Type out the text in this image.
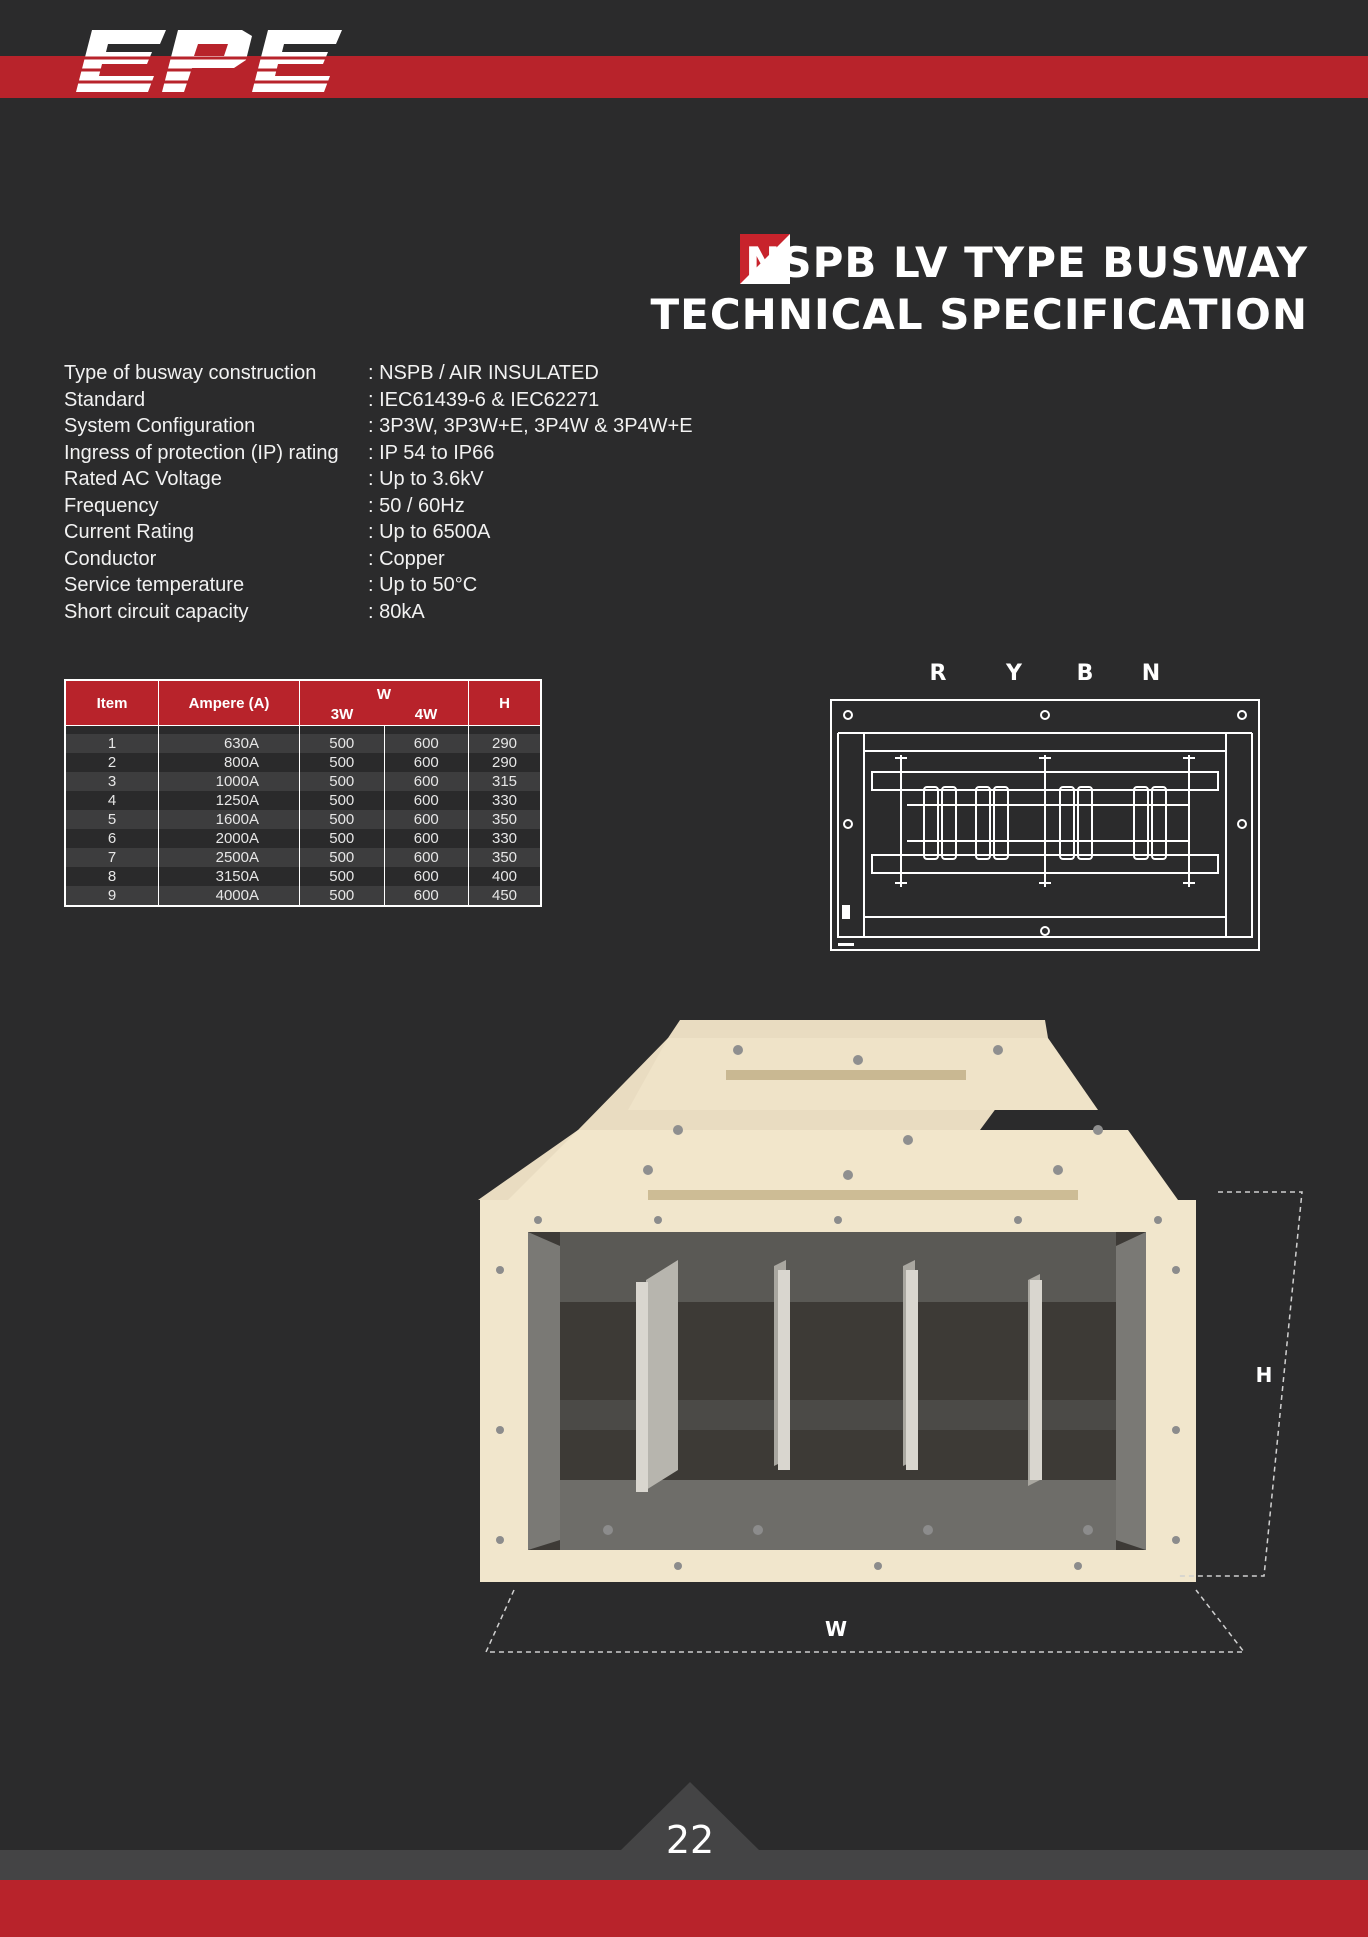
NSPB LV TYPE BUSWAY
TECHNICAL SPECIFICATION
Type of busway construction	: NSPB / AIR INSULATED
Standard	: IEC61439-6 & IEC62271
System Configuration	: 3P3W, 3P3W+E, 3P4W & 3P4W+E
Ingress of protection (IP) rating	: IP 54 to IP66
Rated AC Voltage	: Up to 3.6kV
Frequency	: 50 / 60Hz
Current Rating	: Up to 6500A
Conductor	: Copper
Service temperature	: Up to 50°C
Short circuit capacity	: 80kA
Item	Ampere (A)	W		H
		3W	4W	

1	630A	500	600	290
2	800A	500	600	290
3	1000A	500	600	315
4	1250A	500	600	330
5	1600A	500	600	350
6	2000A	500	600	330
7	2500A	500	600	350
8	3150A	500	600	400
9	4000A	500	600	450
R	Y B N
H
W
22
